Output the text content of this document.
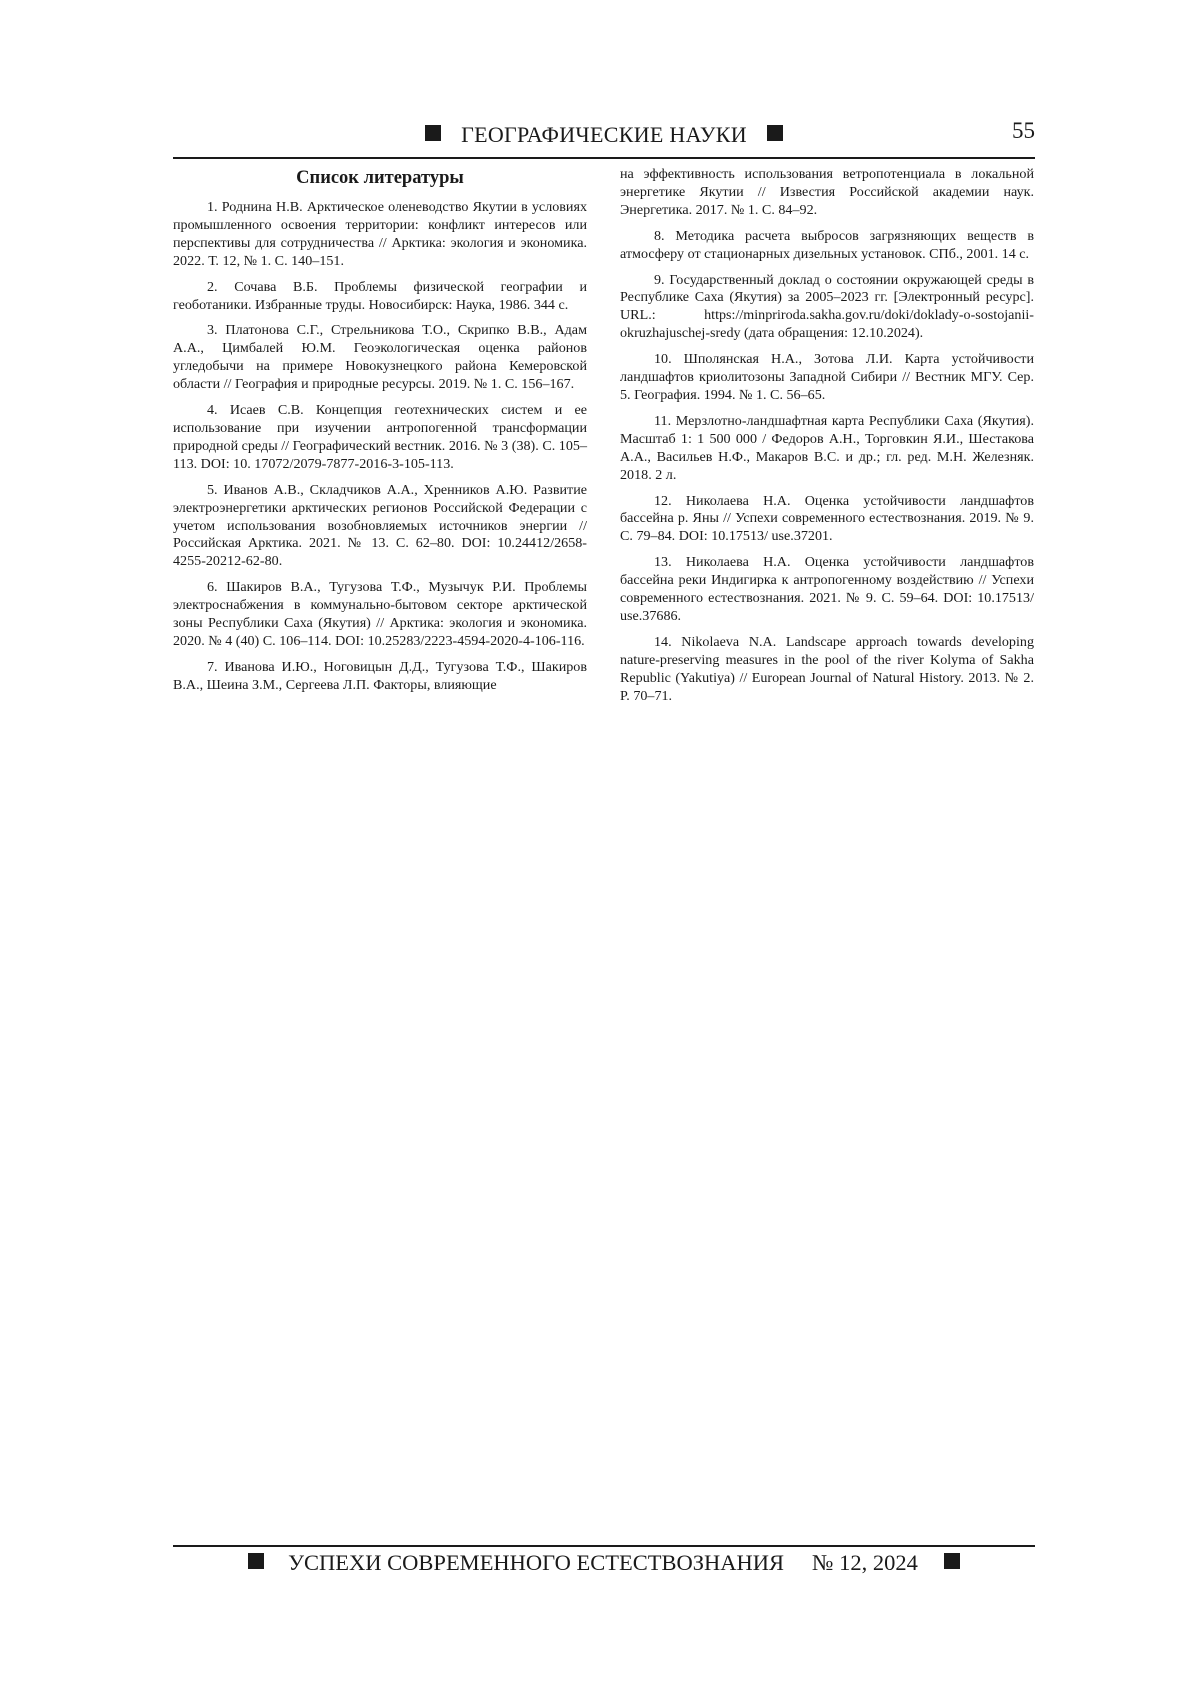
ГЕОГРАФИЧЕСКИЕ НАУКИ	55
Список литературы

1. Роднина Н.В. Арктическое оленеводство Якутии в условиях промышленного освоения территории: конфликт интересов или перспективы для сотрудничества // Арктика: экология и экономика. 2022. Т. 12, № 1. С. 140–151.

2. Сочава В.Б. Проблемы физической географии и геоботаники. Избранные труды. Новосибирск: Наука, 1986. 344 с.

3. Платонова С.Г., Стрельникова Т.О., Скрипко В.В., Адам А.А., Цимбалей Ю.М. Геоэкологическая оценка районов угледобычи на примере Новокузнецкого района Кемеровской области // География и природные ресурсы. 2019. № 1. С. 156–167.

4. Исаев С.В. Концепция геотехнических систем и ее использование при изучении антропогенной трансформации природной среды // Географический вестник. 2016. № 3 (38). С. 105–113. DOI: 10. 17072/2079-7877-2016-3-105-113.

5. Иванов А.В., Складчиков А.А., Хренников А.Ю. Развитие электроэнергетики арктических регионов Российской Федерации с учетом использования возобновляемых источников энергии // Российская Арктика. 2021. № 13. С. 62–80. DOI: 10.24412/2658-4255-20212-62-80.

6. Шакиров В.А., Тугузова Т.Ф., Музычук Р.И. Проблемы электроснабжения в коммунально-бытовом секторе арктической зоны Республики Саха (Якутия) // Арктика: экология и экономика. 2020. № 4 (40) С. 106–114. DOI: 10.25283/2223-4594-2020-4-106-116.

7. Иванова И.Ю., Ноговицын Д.Д., Тугузова Т.Ф., Шакиров В.А., Шеина З.М., Сергеева Л.П. Факторы, влияющие

на эффективность использования ветропотенциала в локальной энергетике Якутии // Известия Российской академии наук. Энергетика. 2017. № 1. С. 84–92.

8. Методика расчета выбросов загрязняющих веществ в атмосферу от стационарных дизельных установок. СПб., 2001. 14 с.

9. Государственный доклад о состоянии окружающей среды в Республике Саха (Якутия) за 2005–2023 гг. [Электронный ресурс]. URL.: https://minpriroda.sakha.gov.ru/doki/doklady-o-sostojanii-okruzhajuschej-sredy (дата обращения: 12.10.2024).

10. Шполянская Н.А., Зотова Л.И. Карта устойчивости ландшафтов криолитозоны Западной Сибири // Вестник МГУ. Сер. 5. География. 1994. № 1. С. 56–65.

11. Мерзлотно-ландшафтная карта Республики Саха (Якутия). Масштаб 1: 1 500 000 / Федоров А.Н., Торговкин Я.И., Шестакова А.А., Васильев Н.Ф., Макаров В.С. и др.; гл. ред. М.Н. Железняк. 2018. 2 л.

12. Николаева Н.А. Оценка устойчивости ландшафтов бассейна р. Яны // Успехи современного естествознания. 2019. № 9. С. 79–84. DOI: 10.17513/ use.37201.

13. Николаева Н.А. Оценка устойчивости ландшафтов бассейна реки Индигирка к антропогенному воздействию // Успехи современного естествознания. 2021. № 9. С. 59–64. DOI: 10.17513/ use.37686.

14. Nikolaeva N.A. Landscape approach towards developing nature-preserving measures in the pool of the river Kolyma of Sakha Republic (Yakutiya) // European Journal of Natural History. 2013. № 2. P. 70–71.

УСПЕХИ СОВРЕМЕННОГО ЕСТЕСТВОЗНАНИЯ № 12, 2024
